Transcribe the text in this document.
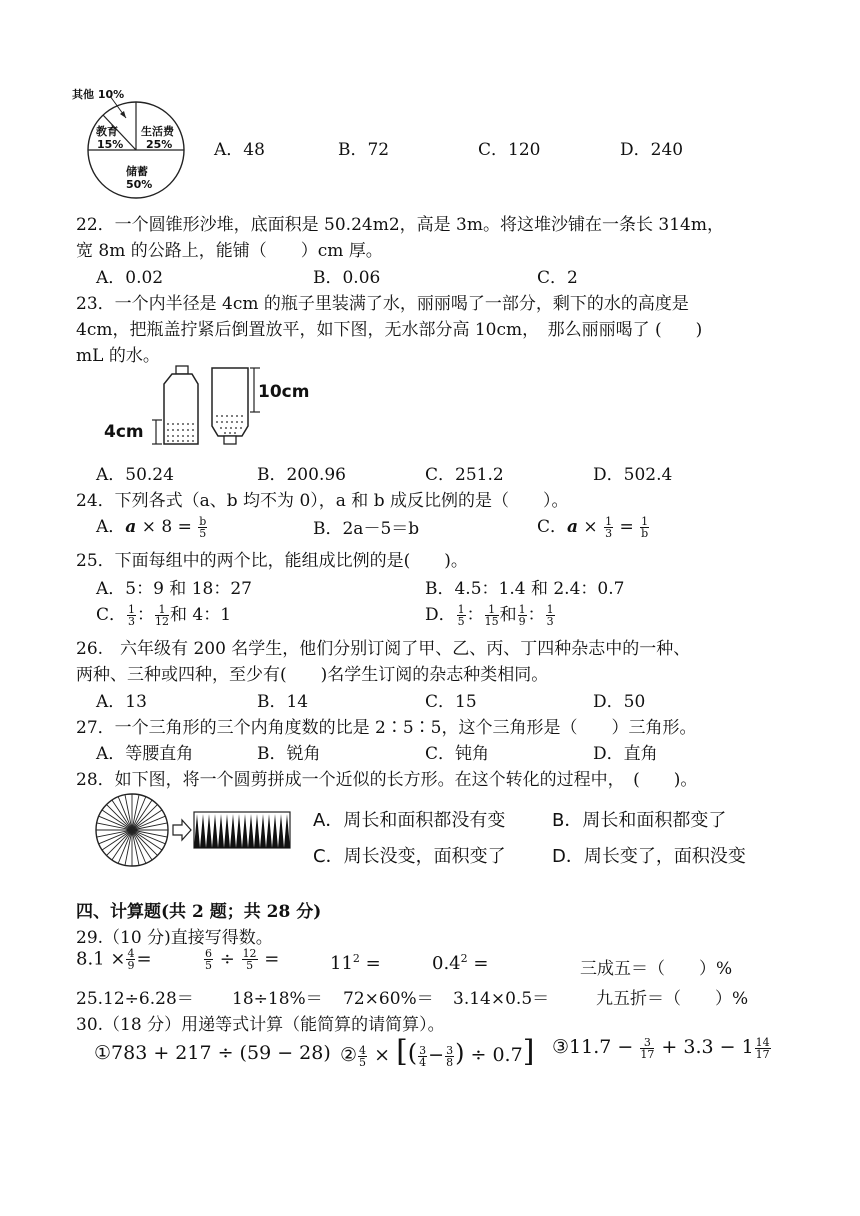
其他 10%
教育
15%
生活费
25%
储蓄
50%
A．48	B．72	C．120	D．240
22．一个圆锥形沙堆，底面积是 50.24m2，高是 3m。将这堆沙铺在一条长 314m，
宽 8m 的公路上，能铺（　　）cm 厚。
A．0.02	B．0.06	C．2
23．一个内半径是 4cm 的瓶子里装满了水，丽丽喝了一部分，剩下的水的高度是
4cm，把瓶盖拧紧后倒置放平，如下图，无水部分高 10cm，　那么丽丽喝了 (　　)
mL 的水。
4cm
10cm
A．50.24	B．200.96	C．251.2	D．502.4
24．下列各式（a、b 均不为 0），a 和 b 成反比例的是（　　）。
A．$a \times 8 = \frac{b}{5}$	B．2a－5＝b	C．$a \times \frac{1}{3} = \frac{1}{b}$
25．下面每组中的两个比，能组成比例的是(　　)。
A．5：9 和 18：27	B．4.5：1.4 和 2.4：0.7
C． $\frac{1}{3}$ ： $\frac{1}{12}$ 和 4：1	D． $\frac{1}{5}$ ： $\frac{1}{15}$ 和 $\frac{1}{9}$ ： $\frac{1}{3}$
26.　六年级有 200 名学生，他们分别订阅了甲、乙、丙、丁四种杂志中的一种、
两种、三种或四种，至少有(　　)名学生订阅的杂志种类相同。
A．13	B．14	C．15	D．50
27．一个三角形的三个内角度数的比是 2∶5∶5，这个三角形是（　　）三角形。
A．等腰直角	B．锐角	C．钝角	D．直角
28．如下图，将一个圆剪拼成一个近似的长方形。在这个转化的过程中，　(　　)。
A．周长和面积都没有变	B．周长和面积都变了
C．周长没变，面积变了	D．周长变了，面积没变
四、计算题(共 2 题；共 28 分)
29.（10 分)直接写得数。
$8.1 \times \frac{4}{9}$ =	$\frac{6}{5} \div \frac{12}{5}$ =	$11^2$ =	$0.4^2$ =	三成五＝（　　）%
25.12÷6.28＝ 18÷18%＝ 72×60%＝ 3.14×0.5＝	九五折＝（　　）%
30.（18 分）用递等式计算（能简算的请简算）。
①783 + 217 ÷ (59 − 28) ② $\frac{4}{5}$ × [( $\frac{3}{4} - \frac{3}{8}$ ) ÷ 0.7] ③11.7 − $\frac{3}{17} + 3.3 - 1 \frac{14}{17}$
